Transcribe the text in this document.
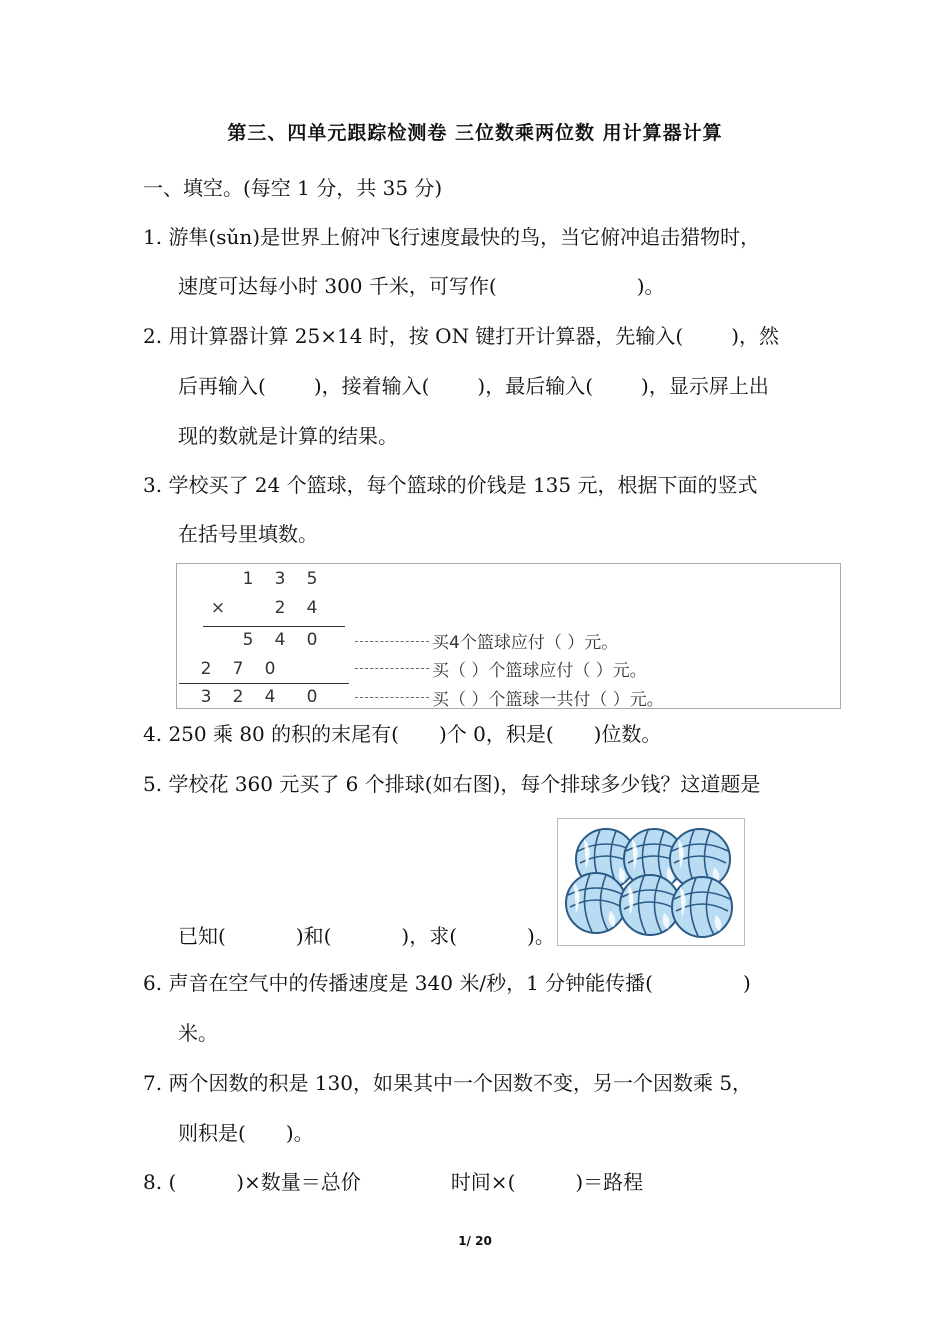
第三、四单元跟踪检测卷 三位数乘两位数 用计算器计算
一、填空。(每空 1 分，共 35 分)
1. 游隼(sǔn)是世界上俯冲飞行速度最快的鸟，当它俯冲追击猎物时，
速度可达每小时 300 千米，可写作(	)。
2. 用计算器计算 25×14 时，按 ON 键打开计算器，先输入( )，然
后再输入( )，接着输入( )，最后输入( )，显示屏上出
现的数就是计算的结果。
3. 学校买了 24 个篮球，每个篮球的价钱是 135 元，根据下面的竖式
在括号里填数。
1 3 5
×	2 4
5 4 0	买4个篮球应付（ ）元。
2 7 0	买（ ）个篮球应付（ ）元。
3 2 4 0	买（ ）个篮球一共付（ ）元。
4. 250 乘 80 的积的末尾有( )个 0，积是( )位数。
5. 学校花 360 元买了 6 个排球(如右图)，每个排球多少钱？这道题是
已知(	)和(	)，求(	)。
6. 声音在空气中的传播速度是 340 米/秒，1 分钟能传播(	)
米。
7. 两个因数的积是 130，如果其中一个因数不变，另一个因数乘 5，
则积是( )。
8. (	)×数量＝总价	时间×(	)＝路程
1/ 20
